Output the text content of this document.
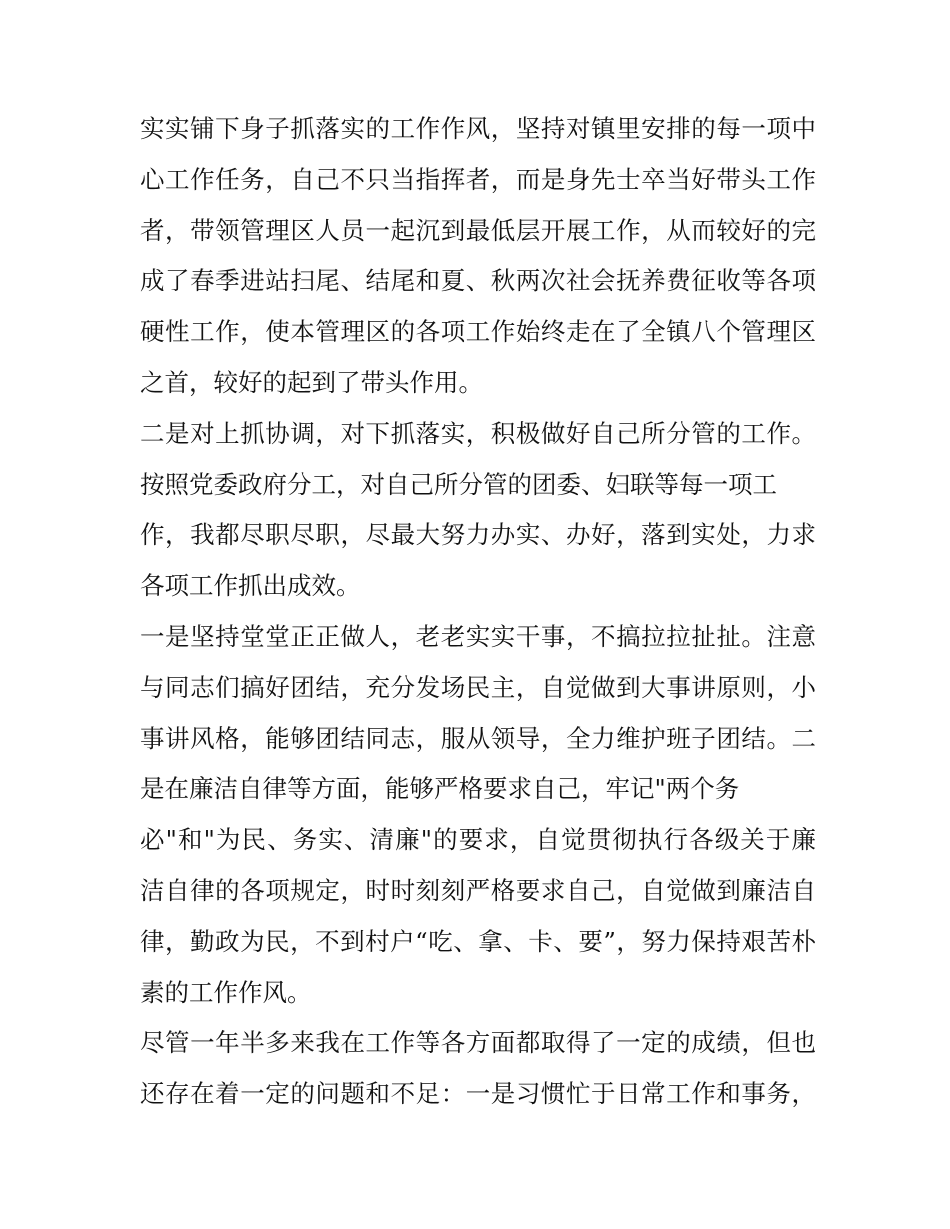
实实铺下身子抓落实的工作作风，坚持对镇里安排的每一项中
心工作任务，自己不只当指挥者，而是身先士卒当好带头工作
者，带领管理区人员一起沉到最低层开展工作，从而较好的完
成了春季进站扫尾、结尾和夏、秋两次社会抚养费征收等各项
硬性工作，使本管理区的各项工作始终走在了全镇八个管理区
之首，较好的起到了带头作用。
二是对上抓协调，对下抓落实，积极做好自己所分管的工作。
按照党委政府分工，对自己所分管的团委、妇联等每一项工
作，我都尽职尽职，尽最大努力办实、办好，落到实处，力求
各项工作抓出成效。
一是坚持堂堂正正做人，老老实实干事，不搞拉拉扯扯。注意
与同志们搞好团结，充分发场民主，自觉做到大事讲原则，小
事讲风格，能够团结同志，服从领导，全力维护班子团结。二
是在廉洁自律等方面，能够严格要求自己，牢记"两个务
必"和"为民、务实、清廉"的要求，自觉贯彻执行各级关于廉
洁自律的各项规定，时时刻刻严格要求自己，自觉做到廉洁自
律，勤政为民，不到村户“吃、拿、卡、要”，努力保持艰苦朴
素的工作作风。
尽管一年半多来我在工作等各方面都取得了一定的成绩，但也
还存在着一定的问题和不足：一是习惯忙于日常工作和事务，
